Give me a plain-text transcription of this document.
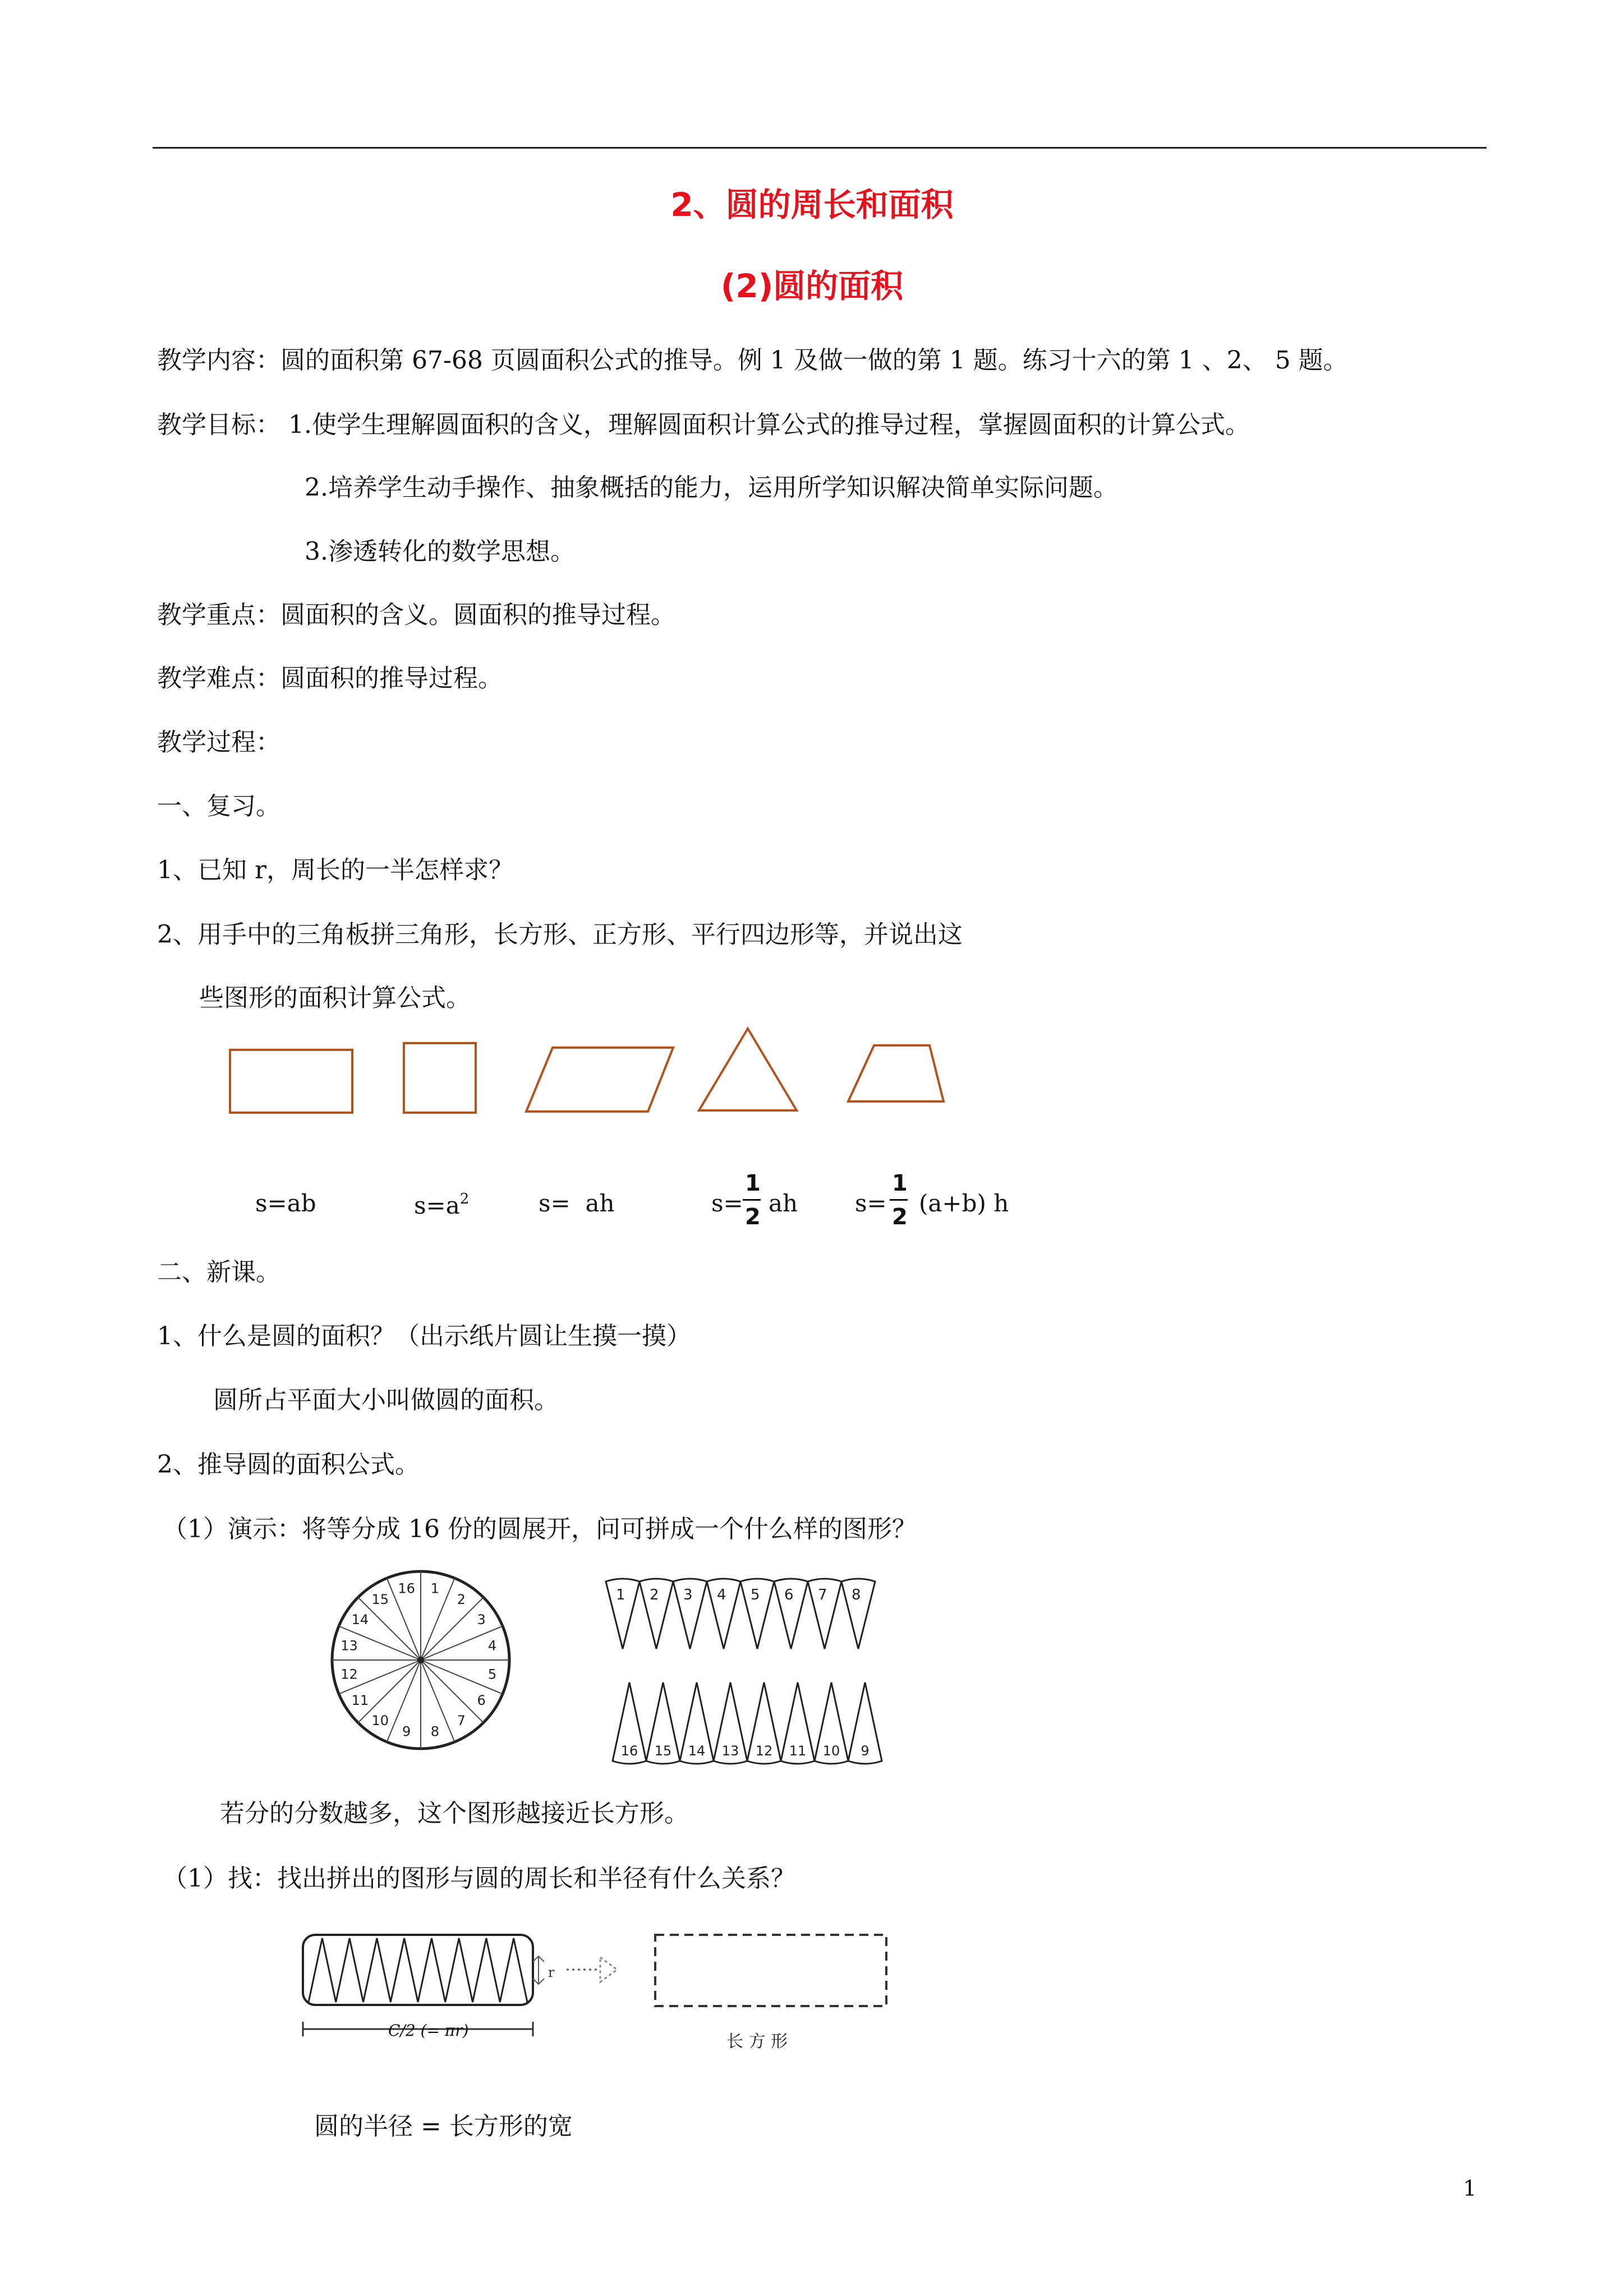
2、圆的周长和面积
(2)圆的面积
教学内容：圆的面积第 67-68 页圆面积公式的推导。例 1 及做一做的第 1 题。练习十六的第 1 、2、 5 题。
教学目标： 1.使学生理解圆面积的含义，理解圆面积计算公式的推导过程，掌握圆面积的计算公式。
2.培养学生动手操作、抽象概括的能力，运用所学知识解决简单实际问题。
3.渗透转化的数学思想。
教学重点：圆面积的含义。圆面积的推导过程。
教学难点：圆面积的推导过程。
教学过程：
一、复习。
1、已知 r，周长的一半怎样求？
2、用手中的三角板拼三角形，长方形、正方形、平行四边形等，并说出这
些图形的面积计算公式。
s=ab	$s=a^2$	s=  ah	s=
1
2 ah s=
1
2 (a+b) h
二、新课。
1、什么是圆的面积？（出示纸片圆让生摸一摸）
圆所占平面大小叫做圆的面积。
2、推导圆的面积公式。
（1）演示：将等分成 16 份的圆展开，问可拼成一个什么样的图形？
1
2
3
4
5
6
7
8
9
10
11
12
13
14
15
16	1 2 3 4 5 6 7 8
16 15 14 13 12 11 10 9
若分的分数越多，这个图形越接近长方形。
（1）找：找出拼出的图形与圆的周长和半径有什么关系？
r
C/2 (= πr)
长 方 形
圆的半径 = 长方形的宽
1
